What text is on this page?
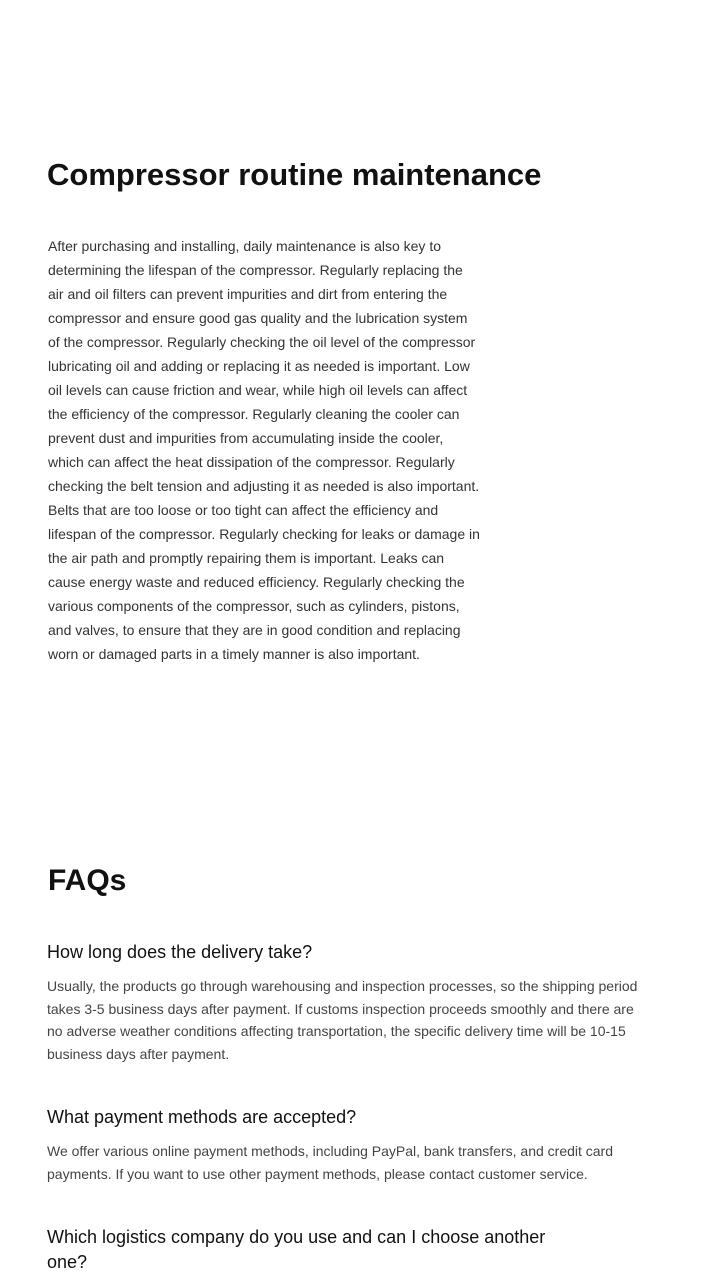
Compressor routine maintenance

After purchasing and installing, daily maintenance is also key to determining the lifespan of the compressor. Regularly replacing the air and oil filters can prevent impurities and dirt from entering the compressor and ensure good gas quality and the lubrication system of the compressor. Regularly checking the oil level of the compressor lubricating oil and adding or replacing it as needed is important. Low oil levels can cause friction and wear, while high oil levels can affect the efficiency of the compressor. Regularly cleaning the cooler can prevent dust and impurities from accumulating inside the cooler, which can affect the heat dissipation of the compressor. Regularly checking the belt tension and adjusting it as needed is also important. Belts that are too loose or too tight can affect the efficiency and lifespan of the compressor. Regularly checking for leaks or damage in the air path and promptly repairing them is important. Leaks can cause energy waste and reduced efficiency. Regularly checking the various components of the compressor, such as cylinders, pistons, and valves, to ensure that they are in good condition and replacing worn or damaged parts in a timely manner is also important.

FAQs
How long does the delivery take?

Usually, the products go through warehousing and inspection processes, so the shipping period takes 3-5 business days after payment. If customs inspection proceeds smoothly and there are no adverse weather conditions affecting transportation, the specific delivery time will be 10-15 business days after payment.

What payment methods are accepted?

We offer various online payment methods, including PayPal, bank transfers, and credit card payments. If you want to use other payment methods, please contact customer service.

Which logistics company do you use and can I choose another one?
